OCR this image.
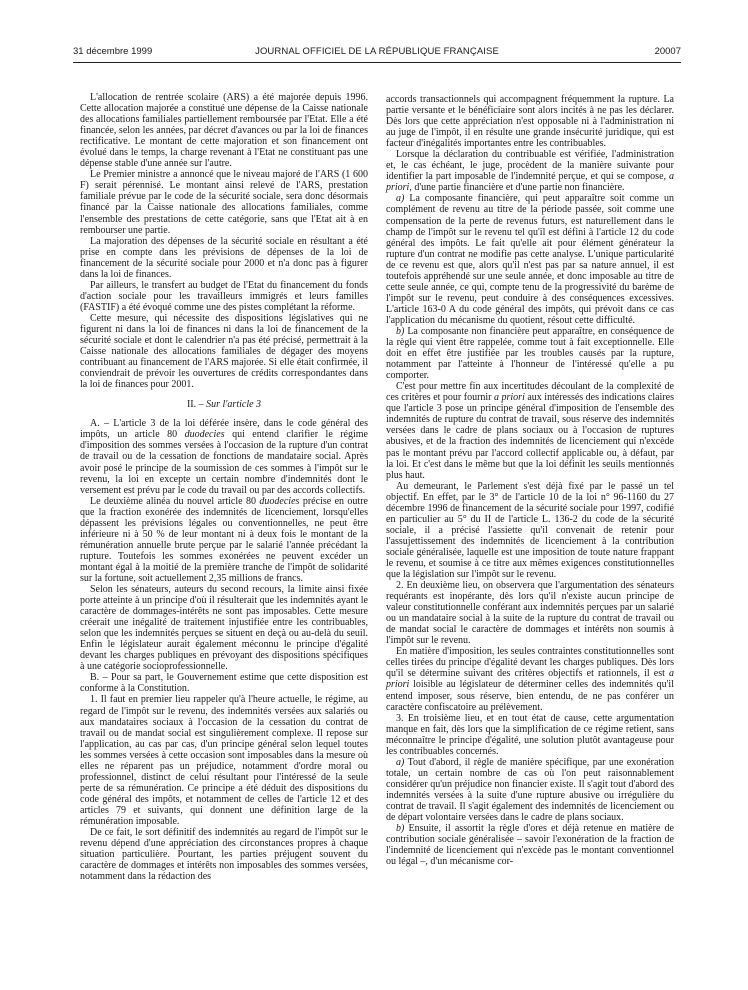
31 décembre 1999	JOURNAL OFFICIEL DE LA RÉPUBLIQUE FRANÇAISE	20007

L'allocation de rentrée scolaire (ARS) a été majorée depuis 1996. Cette allocation majorée a constitué une dépense de la Caisse nationale des allocations familiales partiellement remboursée par l'Etat. Elle a été financée, selon les années, par décret d'avances ou par la loi de finances rectificative. Le montant de cette majoration et son financement ont évolué dans le temps, la charge revenant à l'Etat ne constituant pas une dépense stable d'une année sur l'autre.

Le Premier ministre a annoncé que le niveau majoré de l'ARS (1 600 F) serait pérennisé. Le montant ainsi relevé de l'ARS, prestation familiale prévue par le code de la sécurité sociale, sera donc désormais financé par la Caisse nationale des allocations familiales, comme l'ensemble des prestations de cette catégorie, sans que l'Etat ait à en rembourser une partie.

La majoration des dépenses de la sécurité sociale en résultant a été prise en compte dans les prévisions de dépenses de la loi de financement de la sécurité sociale pour 2000 et n'a donc pas à figurer dans la loi de finances.

Par ailleurs, le transfert au budget de l'Etat du financement du fonds d'action sociale pour les travailleurs immigrés et leurs familles (FASTIF) a été évoqué comme une des pistes complétant la réforme.

Cette mesure, qui nécessite des dispositions législatives qui ne figurent ni dans la loi de finances ni dans la loi de financement de la sécurité sociale et dont le calendrier n'a pas été précisé, permettrait à la Caisse nationale des allocations familiales de dégager des moyens contribuant au financement de l'ARS majorée. Si elle était confirmée, il conviendrait de prévoir les ouvertures de crédits correspondantes dans la loi de finances pour 2001.

II. – Sur l'article 3

A. – L'article 3 de la loi déférée insère, dans le code général des impôts, un article 80 duodecies qui entend clarifier le régime d'imposition des sommes versées à l'occasion de la rupture d'un contrat de travail ou de la cessation de fonctions de mandataire social. Après avoir posé le principe de la soumission de ces sommes à l'impôt sur le revenu, la loi en excepte un certain nombre d'indemnités dont le versement est prévu par le code du travail ou par des accords collectifs.

Le deuxième alinéa du nouvel article 80 duodecies précise en outre que la fraction exonérée des indemnités de licenciement, lorsqu'elles dépassent les prévisions légales ou conventionnelles, ne peut être inférieure ni à 50 % de leur montant ni à deux fois le montant de la rémunération annuelle brute perçue par le salarié l'année précédant la rupture. Toutefois les sommes exonérées ne peuvent excéder un montant égal à la moitié de la première tranche de l'impôt de solidarité sur la fortune, soit actuellement 2,35 millions de francs.

Selon les sénateurs, auteurs du second recours, la limite ainsi fixée porte atteinte à un principe d'où il résulterait que les indemnités ayant le caractère de dommages-intérêts ne sont pas imposables. Cette mesure créerait une inégalité de traitement injustifiée entre les contribuables, selon que les indemnités perçues se situent en deçà ou au-delà du seuil. Enfin le législateur aurait également méconnu le principe d'égalité devant les charges publiques en prévoyant des dispositions spécifiques à une catégorie socioprofessionnelle.

B. – Pour sa part, le Gouvernement estime que cette disposition est conforme à la Constitution.

1. Il faut en premier lieu rappeler qu'à l'heure actuelle, le régime, au regard de l'impôt sur le revenu, des indemnités versées aux salariés ou aux mandataires sociaux à l'occasion de la cessation du contrat de travail ou de mandat social est singulièrement complexe. Il repose sur l'application, au cas par cas, d'un principe général selon lequel toutes les sommes versées à cette occasion sont imposables dans la mesure où elles ne réparent pas un préjudice, notamment d'ordre moral ou professionnel, distinct de celui résultant pour l'intéressé de la seule perte de sa rémunération. Ce principe a été déduit des dispositions du code général des impôts, et notamment de celles de l'article 12 et des articles 79 et suivants, qui donnent une définition large de la rémunération imposable.

De ce fait, le sort définitif des indemnités au regard de l'impôt sur le revenu dépend d'une appréciation des circonstances propres à chaque situation particulière. Pourtant, les parties préjugent souvent du caractère de dommages et intérêts non imposables des sommes versées, notamment dans la rédaction des

accords transactionnels qui accompagnent fréquemment la rupture. La partie versante et le bénéficiaire sont alors incités à ne pas les déclarer. Dès lors que cette appréciation n'est opposable ni à l'administration ni au juge de l'impôt, il en résulte une grande insécurité juridique, qui est facteur d'inégalités importantes entre les contribuables.

Lorsque la déclaration du contribuable est vérifiée, l'administration et, le cas échéant, le juge, procèdent de la manière suivante pour identifier la part imposable de l'indemnité perçue, et qui se compose, a priori, d'une partie financière et d'une partie non financière.

a) La composante financière, qui peut apparaître soit comme un complément de revenu au titre de la période passée, soit comme une compensation de la perte de revenus futurs, est naturellement dans le champ de l'impôt sur le revenu tel qu'il est défini à l'article 12 du code général des impôts. Le fait qu'elle ait pour élément générateur la rupture d'un contrat ne modifie pas cette analyse. L'unique particularité de ce revenu est que, alors qu'il n'est pas par sa nature annuel, il est toutefois appréhendé sur une seule année, et donc imposable au titre de cette seule année, ce qui, compte tenu de la progressivité du barème de l'impôt sur le revenu, peut conduire à des conséquences excessives. L'article 163-0 A du code général des impôts, qui prévoit dans ce cas l'application du mécanisme du quotient, résout cette difficulté.

b) La composante non financière peut apparaître, en conséquence de la règle qui vient être rappelée, comme tout à fait exceptionnelle. Elle doit en effet être justifiée par les troubles causés par la rupture, notamment par l'atteinte à l'honneur de l'intéressé qu'elle a pu comporter.

C'est pour mettre fin aux incertitudes découlant de la complexité de ces critères et pour fournir a priori aux intéressés des indications claires que l'article 3 pose un principe général d'imposition de l'ensemble des indemnités de rupture du contrat de travail, sous réserve des indemnités versées dans le cadre de plans sociaux ou à l'occasion de ruptures abusives, et de la fraction des indemnités de licenciement qui n'excède pas le montant prévu par l'accord collectif applicable ou, à défaut, par la loi. Et c'est dans le même but que la loi définit les seuils mentionnés plus haut.

Au demeurant, le Parlement s'est déjà fixé par le passé un tel objectif. En effet, par le 3° de l'article 10 de la loi n° 96-1160 du 27 décembre 1996 de financement de la sécurité sociale pour 1997, codifié en particulier au 5° du II de l'article L. 136-2 du code de la sécurité sociale, il a précisé l'assiette qu'il convenait de retenir pour l'assujettissement des indemnités de licenciement à la contribution sociale généralisée, laquelle est une imposition de toute nature frappant le revenu, et soumise à ce titre aux mêmes exigences constitutionnelles que la législation sur l'impôt sur le revenu.

2. En deuxième lieu, on observera que l'argumentation des sénateurs requérants est inopérante, dès lors qu'il n'existe aucun principe de valeur constitutionnelle conférant aux indemnités perçues par un salarié ou un mandataire social à la suite de la rupture du contrat de travail ou de mandat social le caractère de dommages et intérêts non soumis à l'impôt sur le revenu.

En matière d'imposition, les seules contraintes constitutionnelles sont celles tirées du principe d'égalité devant les charges publiques. Dès lors qu'il se détermine suivant des critères objectifs et rationnels, il est a priori loisible au législateur de déterminer celles des indemnités qu'il entend imposer, sous réserve, bien entendu, de ne pas conférer un caractère confiscatoire au prélèvement.

3. En troisième lieu, et en tout état de cause, cette argumentation manque en fait, dès lors que la simplification de ce régime retient, sans méconnaître le principe d'égalité, une solution plutôt avantageuse pour les contribuables concernés.

a) Tout d'abord, il règle de manière spécifique, par une exonération totale, un certain nombre de cas où l'on peut raisonnablement considérer qu'un préjudice non financier existe. Il s'agit tout d'abord des indemnités versées à la suite d'une rupture abusive ou irrégulière du contrat de travail. Il s'agit également des indemnités de licenciement ou de départ volontaire versées dans le cadre de plans sociaux.

b) Ensuite, il assortit la règle d'ores et déjà retenue en matière de contribution sociale généralisée – savoir l'exonération de la fraction de l'indemnité de licenciement qui n'excède pas le montant conventionnel ou légal –, d'un mécanisme cor-
